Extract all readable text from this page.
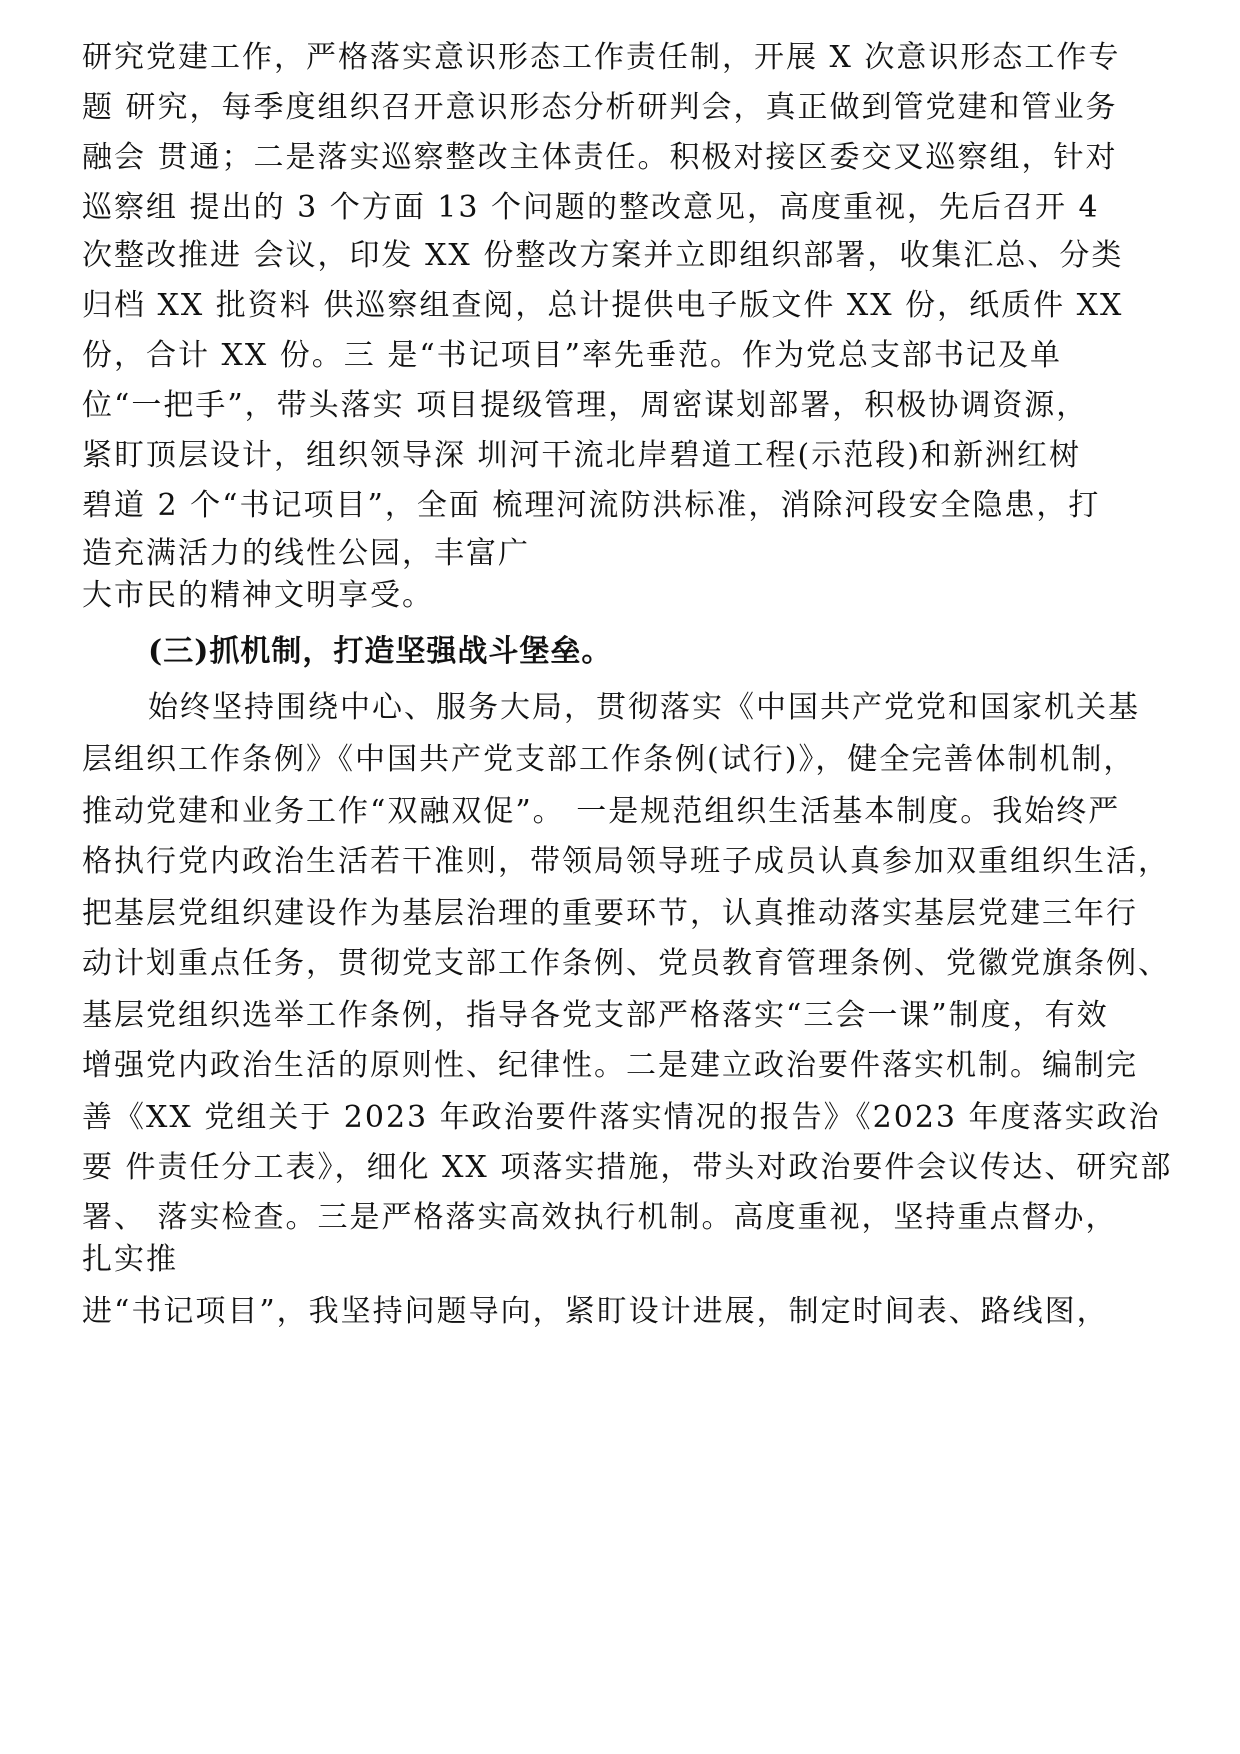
研究党建工作，严格落实意识形态工作责任制，开展 X 次意识形态工作专
题 研究，每季度组织召开意识形态分析研判会，真正做到管党建和管业务
融会 贯通；二是落实巡察整改主体责任。积极对接区委交叉巡察组，针对
巡察组 提出的 3 个方面 13 个问题的整改意见，高度重视，先后召开 4
次整改推进 会议，印发 XX 份整改方案并立即组织部署，收集汇总、分类
归档 XX 批资料 供巡察组查阅，总计提供电子版文件 XX 份，纸质件 XX
份，合计 XX 份。三 是“书记项目”率先垂范。作为党总支部书记及单
位“一把手”，带头落实 项目提级管理，周密谋划部署，积极协调资源，
紧盯顶层设计，组织领导深 圳河干流北岸碧道工程(示范段)和新洲红树
碧道 2 个“书记项目”，全面 梳理河流防洪标准，消除河段安全隐患，打
造充满活力的线性公园，丰富广
大市民的精神文明享受。
(三)抓机制，打造坚强战斗堡垒。
始终坚持围绕中心、服务大局，贯彻落实《中国共产党党和国家机关基
层组织工作条例》《中国共产党支部工作条例(试行)》，健全完善体制机制，
推动党建和业务工作“双融双促”。 一是规范组织生活基本制度。我始终严
格执行党内政治生活若干准则，带领局领导班子成员认真参加双重组织生活，
把基层党组织建设作为基层治理的重要环节，认真推动落实基层党建三年行
动计划重点任务，贯彻党支部工作条例、党员教育管理条例、党徽党旗条例、
基层党组织选举工作条例，指导各党支部严格落实“三会一课”制度，有效
增强党内政治生活的原则性、纪律性。二是建立政治要件落实机制。编制完
善《XX 党组关于 2023 年政治要件落实情况的报告》《2023 年度落实政治
要 件责任分工表》，细化 XX 项落实措施，带头对政治要件会议传达、研究部
署、 落实检查。三是严格落实高效执行机制。高度重视，坚持重点督办，
扎实推
进“书记项目”，我坚持问题导向，紧盯设计进展，制定时间表、路线图，
